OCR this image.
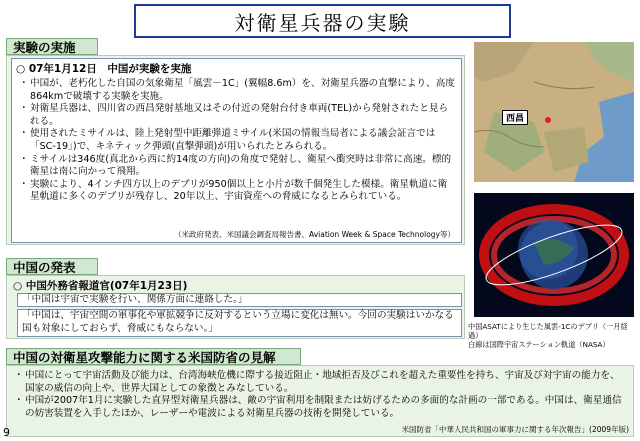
対衛星兵器の実験
実験の実施
○ 07年1月12日　中国が実験を実施
・ 中国が、老朽化した自国の気象衛星「風雲－1C」(翼幅8.6m）を、対衛星兵器の直撃により、高度864kmで破壊する実験を実施。
・ 対衛星兵器は、四川省の西昌発射基地又はその付近の発射台付き車両(TEL)から発射されたと見られる。
・ 使用されたミサイルは、陸上発射型中距離弾道ミサイル(米国の情報当局者による議会証言では「SC-19」)で、キネティック弾頭(直撃弾頭)が用いられたとみられる。
・ ミサイルは346度(真北から西に約14度の方向)の角度で発射し、衛星へ衝突時は非常に高速。標的衛星は南に向かって飛翔。
・ 実験により、4インチ四方以上のデブリが950個以上と小片が数千個発生した模様。衛星軌道に衛星軌道に多くのデブリが残存し、20年以上、宇宙資産への脅威になるとみられている。
（米政府発表、米国議会調査局報告書、Aviation Week & Space Technology等）
中国の発表
○ 中国外務省報道官(07年1月23日)
「中国は宇宙で実験を行い、関係方面に連絡した。」
「中国は、宇宙空間の軍事化や軍拡競争に反対するという立場に変化は無い。今回の実験はいかなる国も対象にしておらず、脅威にもならない。」
中国の対衛星攻撃能力に関する米国防省の見解
・ 中国にとって宇宙活動及び能力は、台湾海峡危機に際する接近阻止・地域拒否及びこれを超えた重要性を持ち、宇宙及び対宇宙の能力を、国家の威信の向上や、世界大国としての象徴とみなしている。
・ 中国が2007年1月に実験した直昇型対衛星兵器は、敵の宇宙利用を制限または妨げるための多面的な計画の一部である。中国は、衛星通信の妨害装置を入手したほか、レーザーや電波による対衛星兵器の技術を開発している。
米国防省「中華人民共和国の軍事力に関する年次報告」(2009年版)
西昌
中国ASATにより生じた風雲-1Cのデブリ（一月経過）
白線は国際宇宙ステーション軌道（NASA）
9
